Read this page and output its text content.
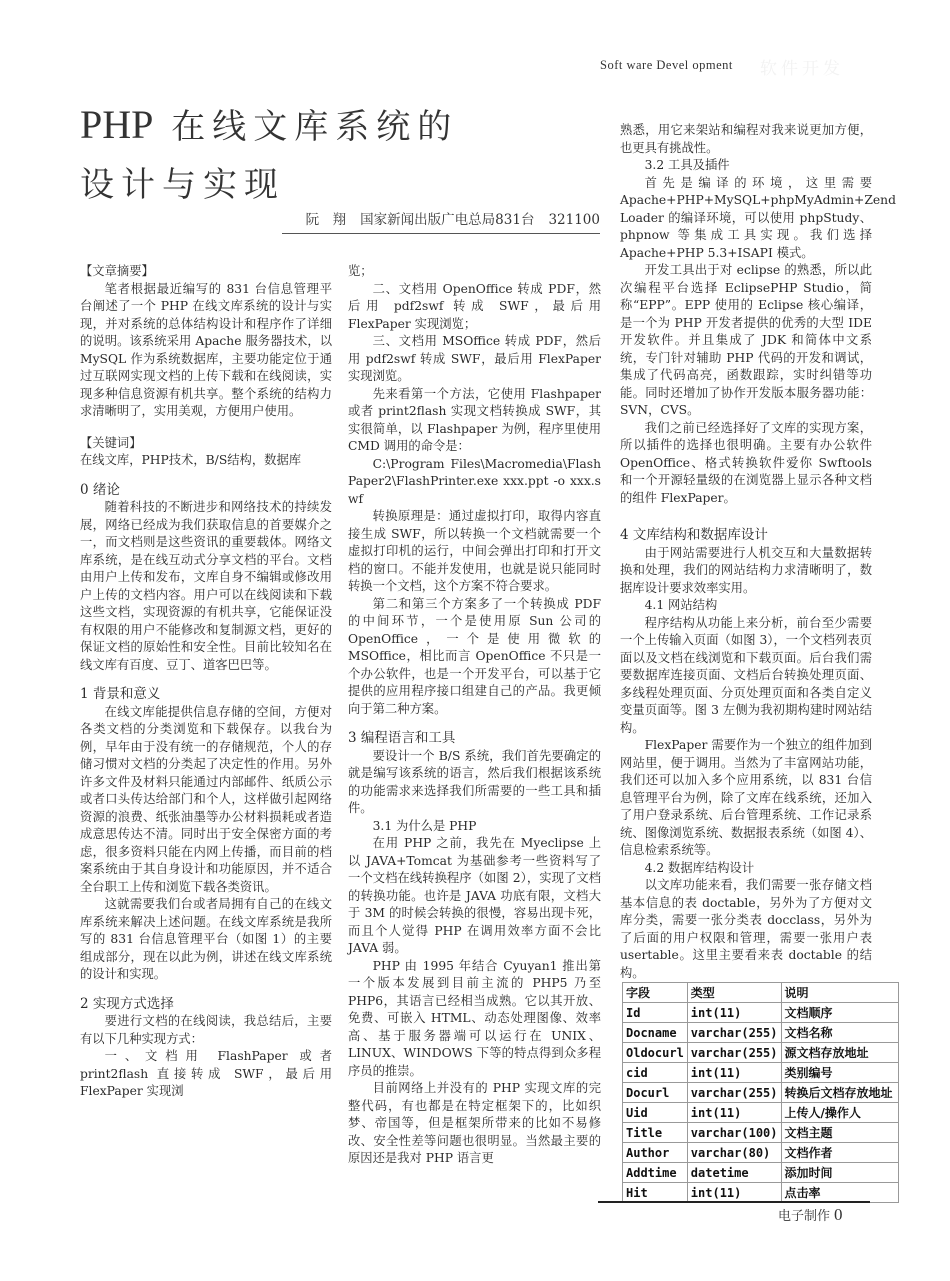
Soft ware Devel opment 软件开发
PHP 在线文库系统的
设计与实现
阮　翔 国家新闻出版广电总局831台 321100

【文章摘要】

笔者根据最近编写的 831 台信息管理平台阐述了一个 PHP 在线文库系统的设计与实现，并对系统的总体结构设计和程序作了详细的说明。该系统采用 Apache 服务器技术，以 MySQL 作为系统数据库，主要功能定位于通过互联网实现文档的上传下载和在线阅读，实现多种信息资源有机共享。整个系统的结构力求清晰明了，实用美观，方便用户使用。

【关键词】

在线文库，PHP技术，B/S结构，数据库

0 绪论

随着科技的不断进步和网络技术的持续发展，网络已经成为我们获取信息的首要媒介之一，而文档则是这些资讯的重要载体。网络文库系统，是在线互动式分享文档的平台。文档由用户上传和发布，文库自身不编辑或修改用户上传的文档内容。用户可以在线阅读和下载这些文档，实现资源的有机共享，它能保证没有权限的用户不能修改和复制源文档，更好的保证文档的原始性和安全性。目前比较知名在线文库有百度、豆丁、道客巴巴等。

1 背景和意义

在线文库能提供信息存储的空间，方便对各类文档的分类浏览和下载保存。以我台为例，早年由于没有统一的存储规范，个人的存储习惯对文档的分类起了决定性的作用。另外许多文件及材料只能通过内部邮件、纸质公示或者口头传达给部门和个人，这样做引起网络资源的浪费、纸张油墨等办公材料损耗或者造成意思传达不清。同时出于安全保密方面的考虑，很多资料只能在内网上传播，而目前的档案系统由于其自身设计和功能原因，并不适合全台职工上传和浏览下载各类资讯。

这就需要我们台或者局拥有自己的在线文库系统来解决上述问题。在线文库系统是我所写的 831 台信息管理平台（如图 1）的主要组成部分，现在以此为例，讲述在线文库系统的设计和实现。

2 实现方式选择

要进行文档的在线阅读，我总结后，主要有以下几种实现方式：

一、文档用 FlashPaper 或者 print2flash 直接转成 SWF，最后用 FlexPaper 实现浏

览；

二、文档用 OpenOffice 转成 PDF，然后用 pdf2swf 转成 SWF，最后用 FlexPaper 实现浏览；

三、文档用 MSOffice 转成 PDF，然后用 pdf2swf 转成 SWF，最后用 FlexPaper 实现浏览。

先来看第一个方法，它使用 Flashpaper 或者 print2flash 实现文档转换成 SWF，其实很简单，以 Flashpaper 为例，程序里使用 CMD 调用的命令是：

C:\Program Files\Macromedia\FlashPaper2\FlashPrinter.exe xxx.ppt -o xxx.swf

转换原理是：通过虚拟打印，取得内容直接生成 SWF，所以转换一个文档就需要一个虚拟打印机的运行，中间会弹出打印和打开文档的窗口。不能并发使用，也就是说只能同时转换一个文档，这个方案不符合要求。

第二和第三个方案多了一个转换成 PDF 的中间环节，一个是使用原 Sun 公司的 OpenOffice，一个是使用微软的 MSOffice，相比而言 OpenOffice 不只是一个办公软件，也是一个开发平台，可以基于它提供的应用程序接口组建自己的产品。我更倾向于第二种方案。

3 编程语言和工具

要设计一个 B/S 系统，我们首先要确定的就是编写该系统的语言，然后我们根据该系统的功能需求来选择我们所需要的一些工具和插件。

3.1 为什么是 PHP

在用 PHP 之前，我先在 Myeclipse 上以 JAVA+Tomcat 为基础参考一些资料写了一个文档在线转换程序（如图 2），实现了文档的转换功能。也许是 JAVA 功底有限，文档大于 3M 的时候会转换的很慢，容易出现卡死，而且个人觉得 PHP 在调用效率方面不会比 JAVA 弱。

PHP 由 1995 年结合 Cyuyan1 推出第一个版本发展到目前主流的 PHP5 乃至 PHP6，其语言已经相当成熟。它以其开放、免费、可嵌入 HTML、动态处理图像、效率高、基于服务器端可以运行在 UNIX、LINUX、WINDOWS 下等的特点得到众多程序员的推崇。

目前网络上并没有的 PHP 实现文库的完整代码，有也都是在特定框架下的，比如织梦、帝国等，但是框架所带来的比如不易修改、安全性差等问题也很明显。当然最主要的原因还是我对 PHP 语言更

熟悉，用它来架站和编程对我来说更加方便，也更具有挑战性。

3.2 工具及插件

首先是编译的环境，这里需要 Apache+PHP+MySQL+phpMyAdmin+Zend Loader 的编译环境，可以使用 phpStudy、phpnow 等集成工具实现。我们选择 Apache+PHP 5.3+ISAPI 模式。

开发工具出于对 eclipse 的熟悉，所以此次编程平台选择 EclipsePHP Studio，简称“EPP”。EPP 使用的 Eclipse 核心编译，是一个为 PHP 开发者提供的优秀的大型 IDE 开发软件。并且集成了 JDK 和简体中文系统，专门针对辅助 PHP 代码的开发和调试，集成了代码高亮，函数跟踪，实时纠错等功能。同时还增加了协作开发版本服务器功能：SVN，CVS。

我们之前已经选择好了文库的实现方案，所以插件的选择也很明确。主要有办公软件 OpenOffice、格式转换软件爱你 Swftools 和一个开源轻量级的在浏览器上显示各种文档的组件 FlexPaper。

4 文库结构和数据库设计

由于网站需要进行人机交互和大量数据转换和处理，我们的网站结构力求清晰明了，数据库设计要求效率实用。

4.1 网站结构

程序结构从功能上来分析，前台至少需要一个上传输入页面（如图 3），一个文档列表页面以及文档在线浏览和下载页面。后台我们需要数据库连接页面、文档后台转换处理页面、多线程处理页面、分页处理页面和各类自定义变量页面等。图 3 左侧为我初期构建时网站结构。

FlexPaper 需要作为一个独立的组件加到网站里，便于调用。当然为了丰富网站功能，我们还可以加入多个应用系统，以 831 台信息管理平台为例，除了文库在线系统，还加入了用户登录系统、后台管理系统、工作记录系统、图像浏览系统、数据报表系统（如图 4）、信息检索系统等。

4.2 数据库结构设计

以文库功能来看，我们需要一张存储文档基本信息的表 doctable，另外为了方便对文库分类，需要一张分类表 docclass，另外为了后面的用户权限和管理，需要一张用户表 usertable。这里主要看来表 doctable 的结构。

字段	类型	说明
Id	int(11)	文档顺序
Docname	varchar(255)	文档名称
Oldocurl	varchar(255)	源文档存放地址
cid	int(11)	类别编号
Docurl	varchar(255)	转换后文档存放地址
Uid	int(11)	上传人/操作人
Title	varchar(100)	文档主题
Author	varchar(80)	文档作者
Addtime	datetime	添加时间
Hit	int(11)	点击率
电子制作 0
